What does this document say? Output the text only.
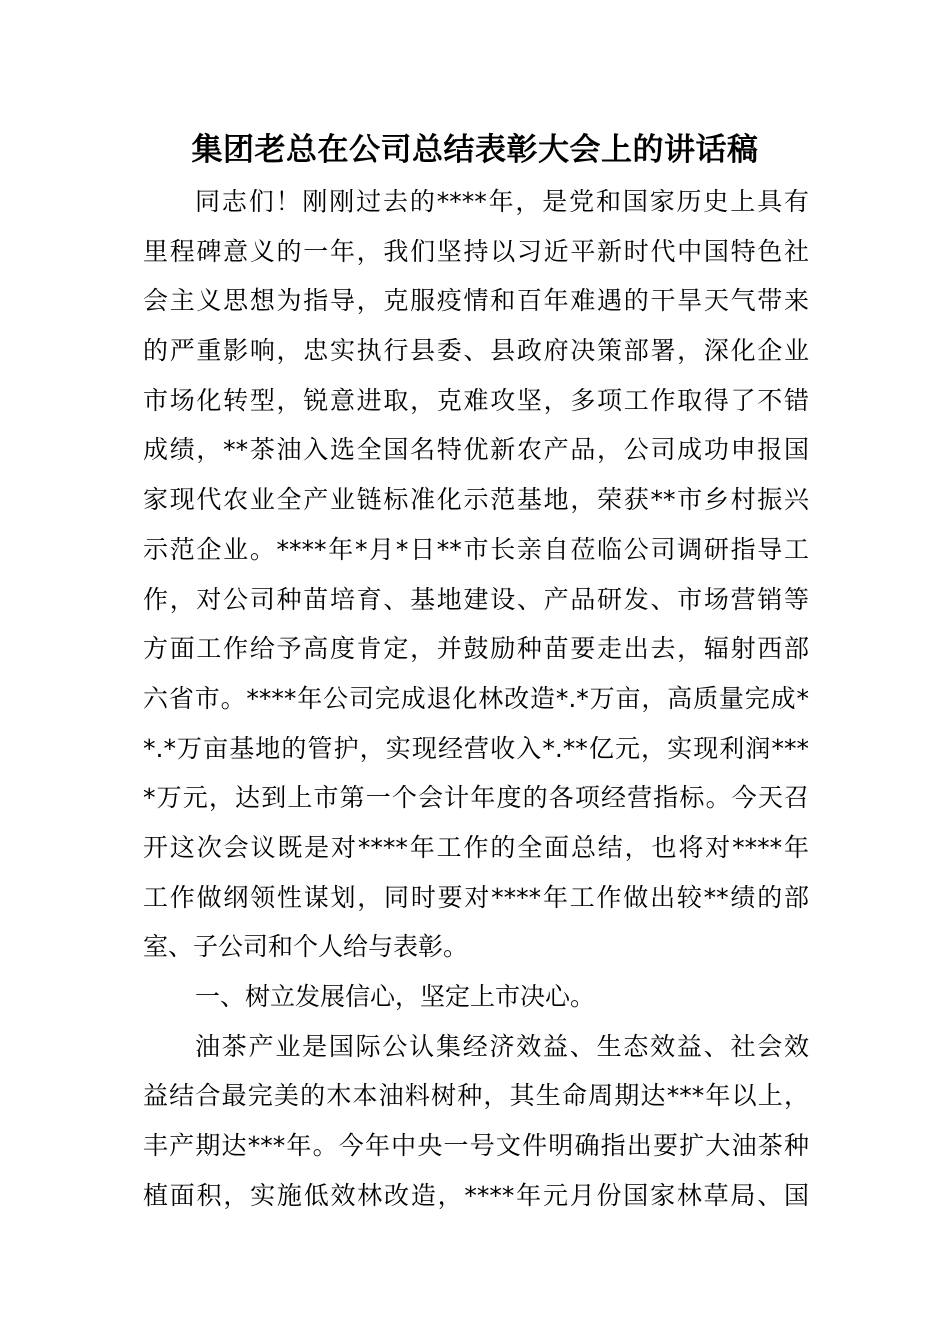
集团老总在公司总结表彰大会上的讲话稿
同志们！刚刚过去的****年，是党和国家历史上具有
里程碑意义的一年，我们坚持以习近平新时代中国特色社
会主义思想为指导，克服疫情和百年难遇的干旱天气带来
的严重影响，忠实执行县委、县政府决策部署，深化企业
市场化转型，锐意进取，克难攻坚，多项工作取得了不错
成绩，**茶油入选全国名特优新农产品，公司成功申报国
家现代农业全产业链标准化示范基地，荣获**市乡村振兴
示范企业。****年*月*日**市长亲自莅临公司调研指导工
作，对公司种苗培育、基地建设、产品研发、市场营销等
方面工作给予高度肯定，并鼓励种苗要走出去，辐射西部
六省市。****年公司完成退化林改造*.*万亩，高质量完成*
*.*万亩基地的管护，实现经营收入*.**亿元，实现利润***
*万元，达到上市第一个会计年度的各项经营指标。今天召
开这次会议既是对****年工作的全面总结，也将对****年
工作做纲领性谋划，同时要对****年工作做出较**绩的部
室、子公司和个人给与表彰。
一、树立发展信心，坚定上市决心。
油茶产业是国际公认集经济效益、生态效益、社会效
益结合最完美的木本油料树种，其生命周期达***年以上，
丰产期达***年。今年中央一号文件明确指出要扩大油茶种
植面积，实施低效林改造，****年元月份国家林草局、国
